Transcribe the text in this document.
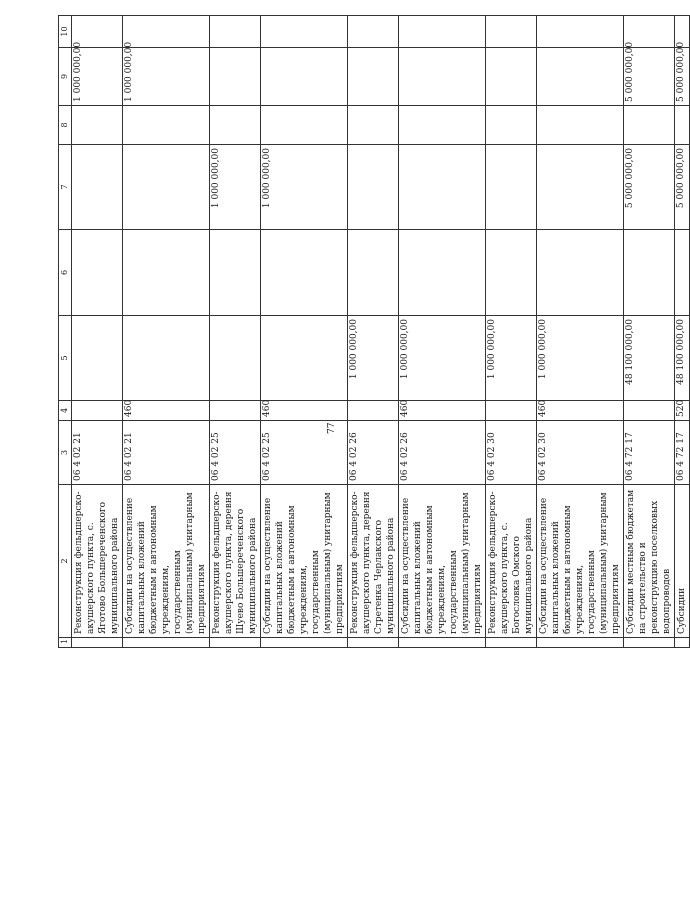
77
1	2	3	4	5	6	7	8	9	10
	Реконструкция фельдшерско-акушерского пункта, с. Яготово Большереченского муниципального района	06 4 02 21						1 000 000,00	
	Субсидии на осуществление капитальных вложений бюджетным и автономным учреждениям, государственным (муниципальным) унитарным предприятиям	06 4 02 21	460					1 000 000,00	
	Реконструкция фельдшерско-акушерского пункта, деревня Шуево Большереченского муниципального района	06 4 02 25				1 000 000,00			
	Субсидии на осуществление капитальных вложений бюджетным и автономным учреждениям, государственным (муниципальным) унитарным предприятиям	06 4 02 25	460			1 000 000,00			
	Реконструкция фельдшерско-акушерского пункта, деревня Стретенка Черлакского муниципального района	06 4 02 26		1 000 000,00					
	Субсидии на осуществление капитальных вложений бюджетным и автономным учреждениям, государственным (муниципальным) унитарным предприятиям	06 4 02 26	460	1 000 000,00					
	Реконструкция фельдшерско-акушерского пункта, с. Богословка Омского муниципального района	06 4 02 30		1 000 000,00					
	Субсидии на осуществление капитальных вложений бюджетным и автономным учреждениям, государственным (муниципальным) унитарным предприятиям	06 4 02 30	460	1 000 000,00					
	Субсидии местным бюджетам на строительство и реконструкцию поселковых водопроводов	06 4 72 17		48 100 000,00		5 000 000,00		5 000 000,00	
	Субсидии	06 4 72 17	520	48 100 000,00		5 000 000,00		5 000 000,00	
